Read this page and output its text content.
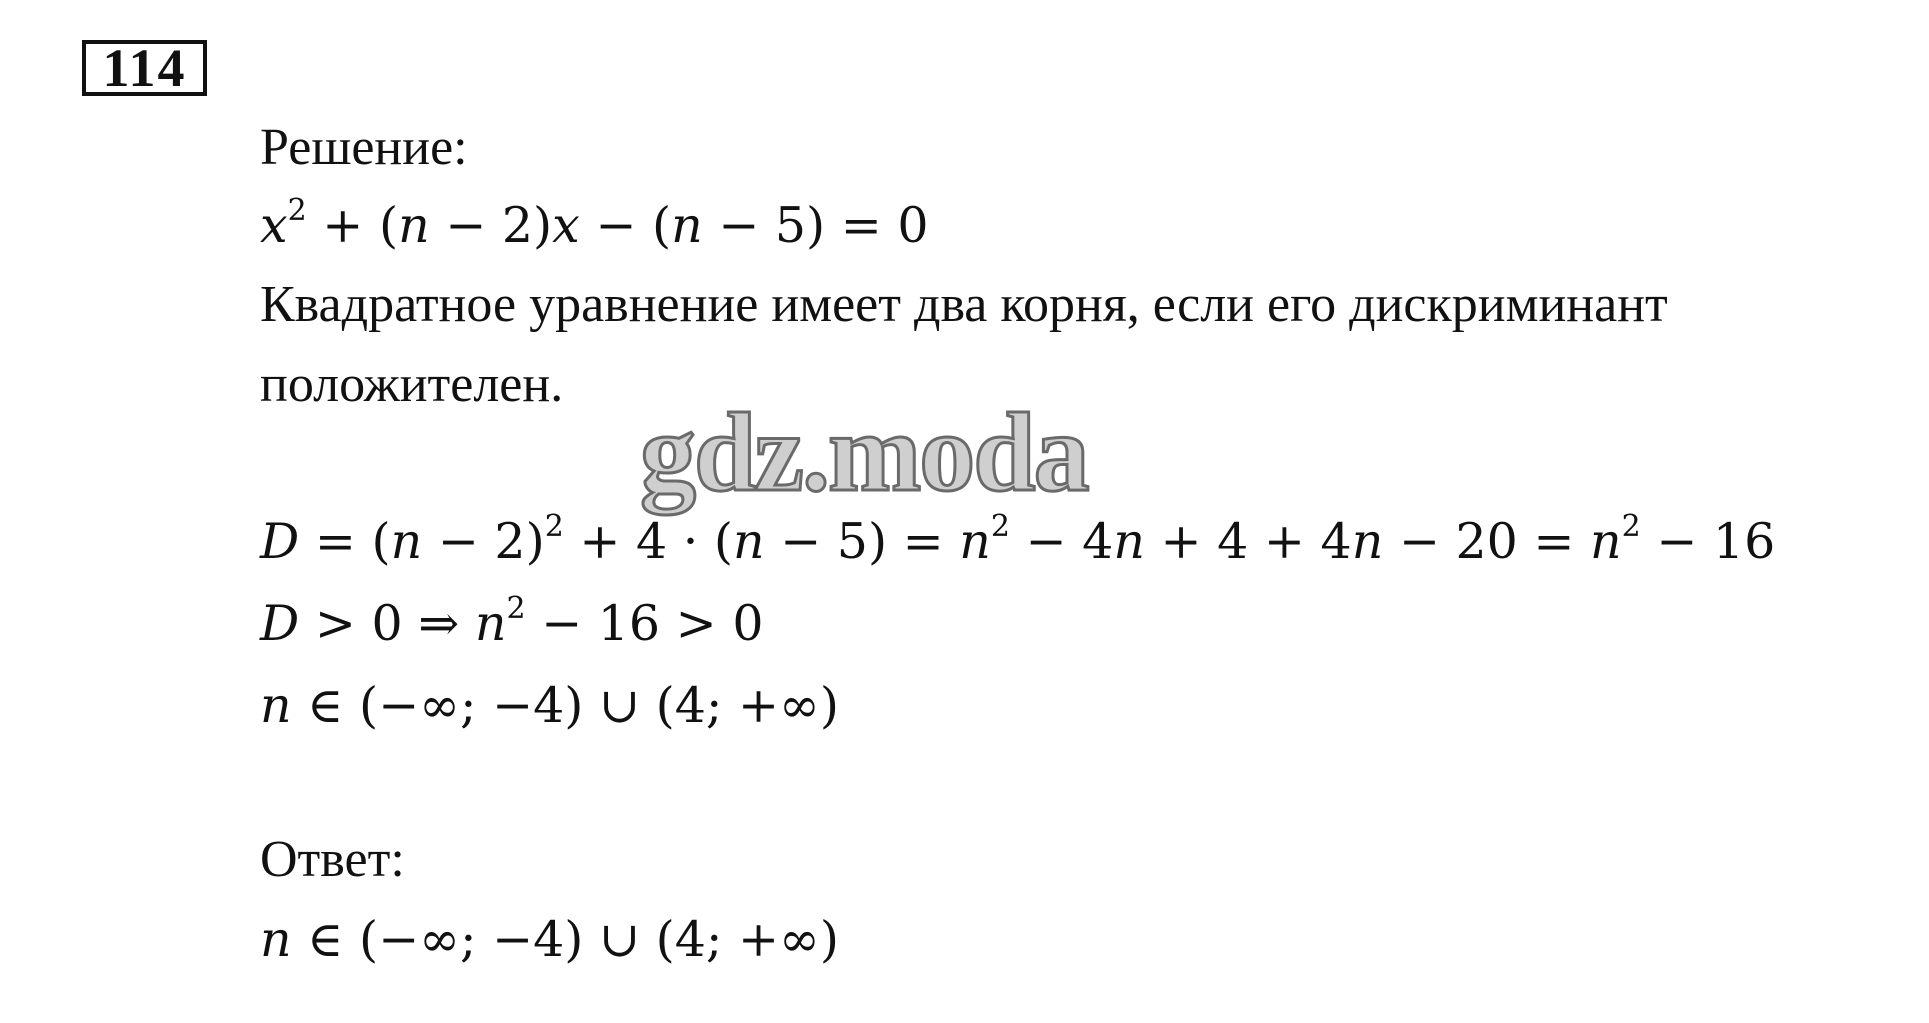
114
Решение:
$x^2 + (n - 2)x - (n - 5) = 0$
Квадратное уравнение имеет два корня, если его дискриминант
положителен.
gdz.moda
$D = (n - 2)^2 + 4 \cdot (n - 5) = n^2 - 4n + 4 + 4n - 20 = n^2 - 16$
D > 0 ⇒ $n^2 - 16 > 0$
n ∈ (−∞; −4) ∪ (4; +∞)
Ответ:
n ∈ (−∞; −4) ∪ (4; +∞)
